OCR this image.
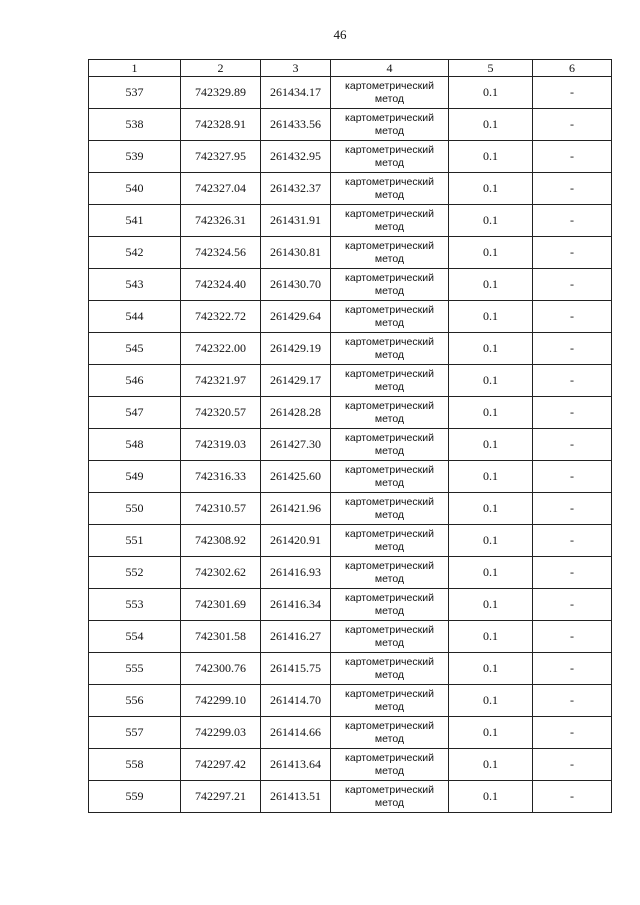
46
1	2	3	4	5	6
537	742329.89	261434.17	картометрический метод	0.1	-
538	742328.91	261433.56	картометрический метод	0.1	-
539	742327.95	261432.95	картометрический метод	0.1	-
540	742327.04	261432.37	картометрический метод	0.1	-
541	742326.31	261431.91	картометрический метод	0.1	-
542	742324.56	261430.81	картометрический метод	0.1	-
543	742324.40	261430.70	картометрический метод	0.1	-
544	742322.72	261429.64	картометрический метод	0.1	-
545	742322.00	261429.19	картометрический метод	0.1	-
546	742321.97	261429.17	картометрический метод	0.1	-
547	742320.57	261428.28	картометрический метод	0.1	-
548	742319.03	261427.30	картометрический метод	0.1	-
549	742316.33	261425.60	картометрический метод	0.1	-
550	742310.57	261421.96	картометрический метод	0.1	-
551	742308.92	261420.91	картометрический метод	0.1	-
552	742302.62	261416.93	картометрический метод	0.1	-
553	742301.69	261416.34	картометрический метод	0.1	-
554	742301.58	261416.27	картометрический метод	0.1	-
555	742300.76	261415.75	картометрический метод	0.1	-
556	742299.10	261414.70	картометрический метод	0.1	-
557	742299.03	261414.66	картометрический метод	0.1	-
558	742297.42	261413.64	картометрический метод	0.1	-
559	742297.21	261413.51	картометрический метод	0.1	-
